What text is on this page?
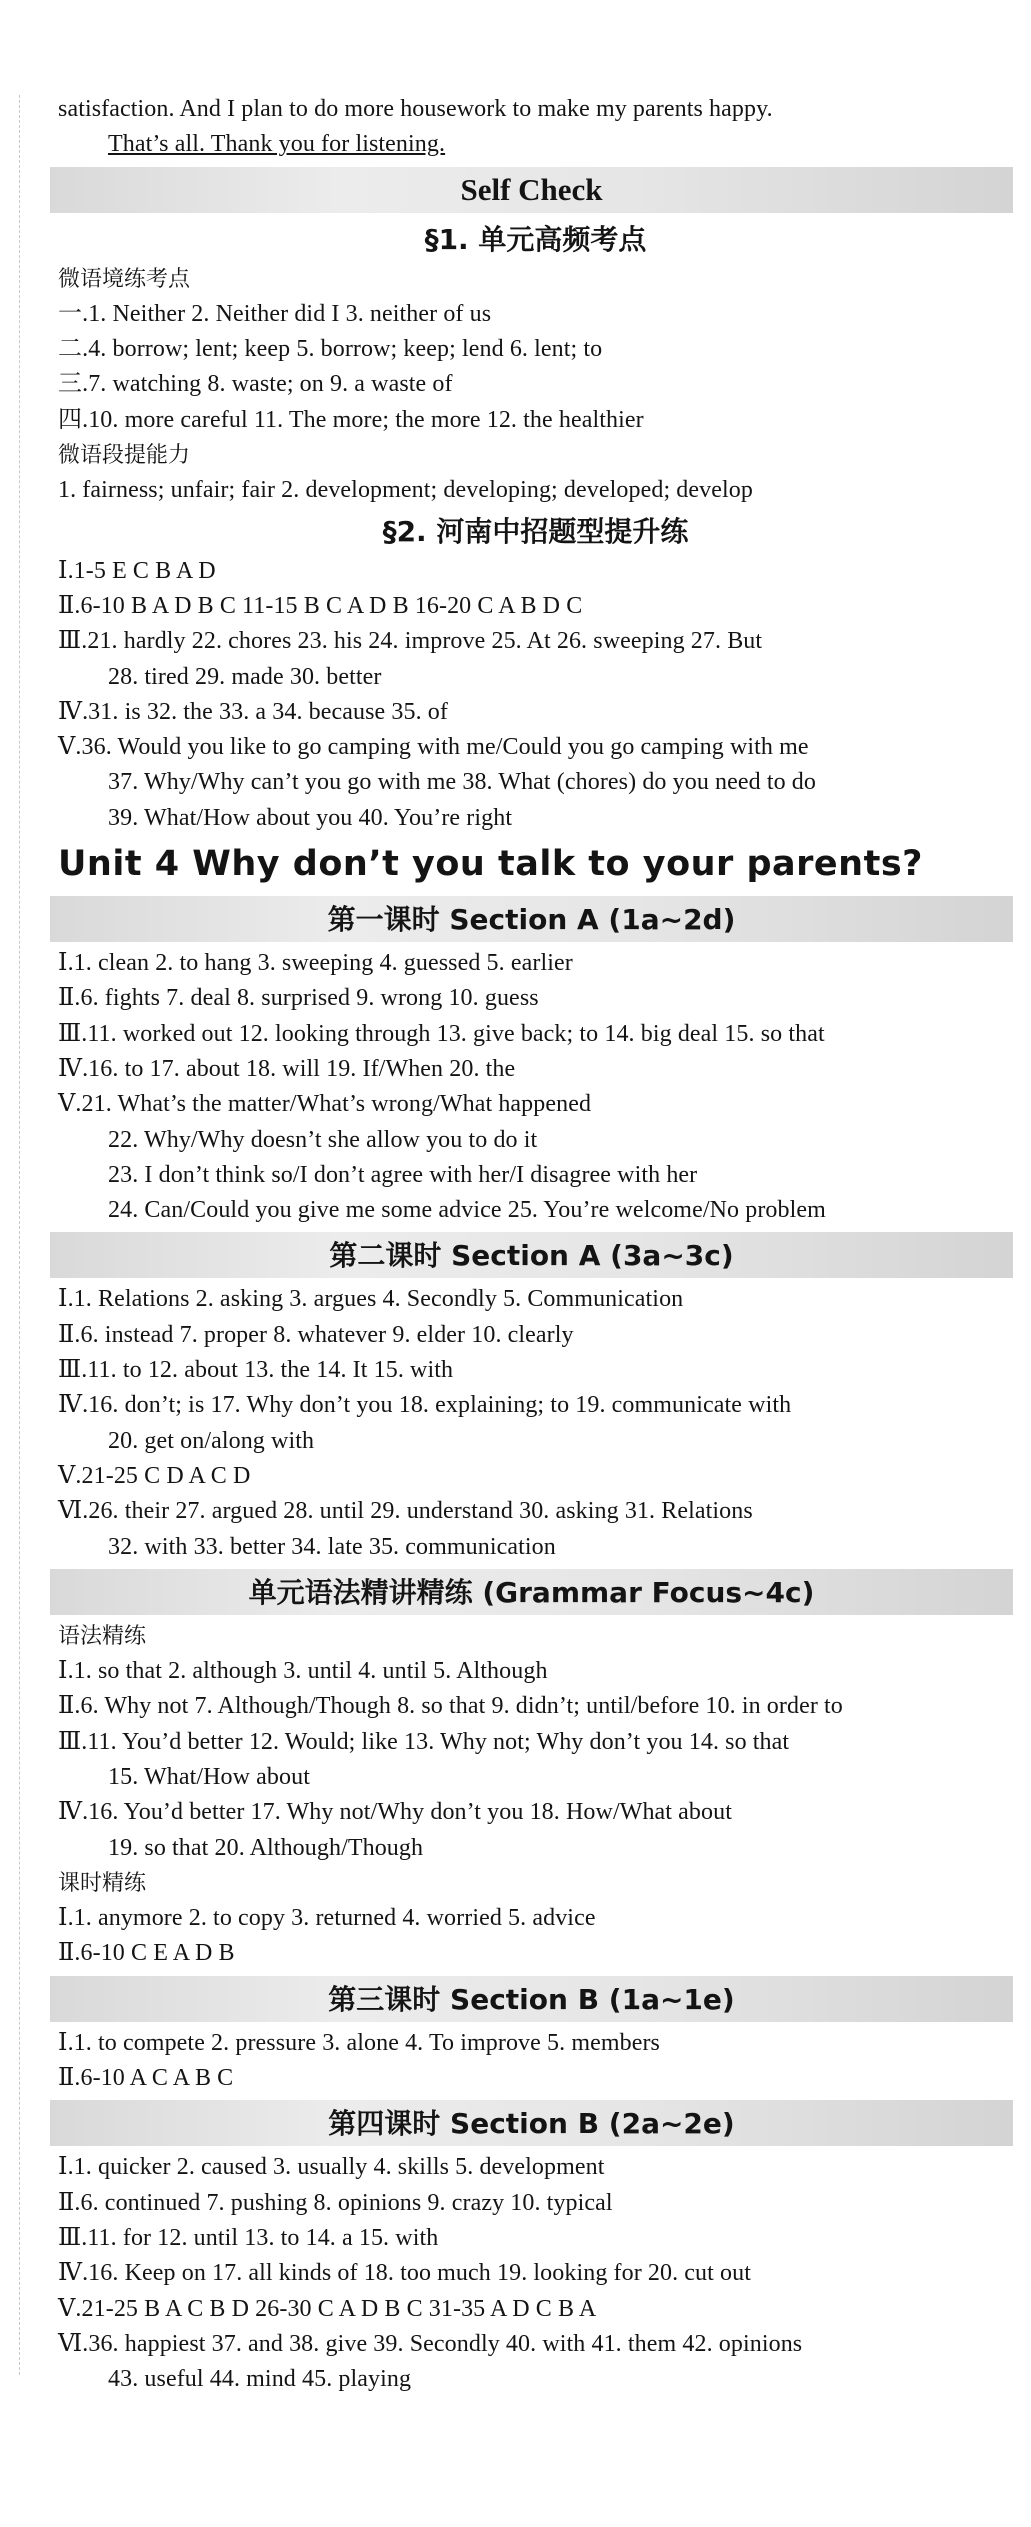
satisfaction. And I plan to do more housework to make my parents happy.
That’s all. Thank you for listening.
Self Check
§1. 单元高频考点
微语境练考点
一.1. Neither 2. Neither did I 3. neither of us
二.4. borrow; lent; keep 5. borrow; keep; lend 6. lent; to
三.7. watching 8. waste; on 9. a waste of
四.10. more careful 11. The more; the more 12. the healthier
微语段提能力
1. fairness; unfair; fair 2. development; developing; developed; develop
§2. 河南中招题型提升练
Ⅰ.1-5 E C B A D
Ⅱ.6-10 B A D B C 11-15 B C A D B 16-20 C A B D C
Ⅲ.21. hardly 22. chores 23. his 24. improve 25. At 26. sweeping 27. But
28. tired 29. made 30. better
Ⅳ.31. is 32. the 33. a 34. because 35. of
Ⅴ.36. Would you like to go camping with me/Could you go camping with me
37. Why/Why can’t you go with me 38. What (chores) do you need to do
39. What/How about you 40. You’re right
Unit 4 Why don’t you talk to your parents?
第一课时 Section A (1a~2d)
Ⅰ.1. clean 2. to hang 3. sweeping 4. guessed 5. earlier
Ⅱ.6. fights 7. deal 8. surprised 9. wrong 10. guess
Ⅲ.11. worked out 12. looking through 13. give back; to 14. big deal 15. so that
Ⅳ.16. to 17. about 18. will 19. If/When 20. the
Ⅴ.21. What’s the matter/What’s wrong/What happened
22. Why/Why doesn’t she allow you to do it
23. I don’t think so/I don’t agree with her/I disagree with her
24. Can/Could you give me some advice 25. You’re welcome/No problem
第二课时 Section A (3a~3c)
Ⅰ.1. Relations 2. asking 3. argues 4. Secondly 5. Communication
Ⅱ.6. instead 7. proper 8. whatever 9. elder 10. clearly
Ⅲ.11. to 12. about 13. the 14. It 15. with
Ⅳ.16. don’t; is 17. Why don’t you 18. explaining; to 19. communicate with
20. get on/along with
Ⅴ.21-25 C D A C D
Ⅵ.26. their 27. argued 28. until 29. understand 30. asking 31. Relations
32. with 33. better 34. late 35. communication
单元语法精讲精练 (Grammar Focus~4c)
语法精练
Ⅰ.1. so that 2. although 3. until 4. until 5. Although
Ⅱ.6. Why not 7. Although/Though 8. so that 9. didn’t; until/before 10. in order to
Ⅲ.11. You’d better 12. Would; like 13. Why not; Why don’t you 14. so that
15. What/How about
Ⅳ.16. You’d better 17. Why not/Why don’t you 18. How/What about
19. so that 20. Although/Though
课时精练
Ⅰ.1. anymore 2. to copy 3. returned 4. worried 5. advice
Ⅱ.6-10 C E A D B
第三课时 Section B (1a~1e)
Ⅰ.1. to compete 2. pressure 3. alone 4. To improve 5. members
Ⅱ.6-10 A C A B C
第四课时 Section B (2a~2e)
Ⅰ.1. quicker 2. caused 3. usually 4. skills 5. development
Ⅱ.6. continued 7. pushing 8. opinions 9. crazy 10. typical
Ⅲ.11. for 12. until 13. to 14. a 15. with
Ⅳ.16. Keep on 17. all kinds of 18. too much 19. looking for 20. cut out
Ⅴ.21-25 B A C B D 26-30 C A D B C 31-35 A D C B A
Ⅵ.36. happiest 37. and 38. give 39. Secondly 40. with 41. them 42. opinions
43. useful 44. mind 45. playing
